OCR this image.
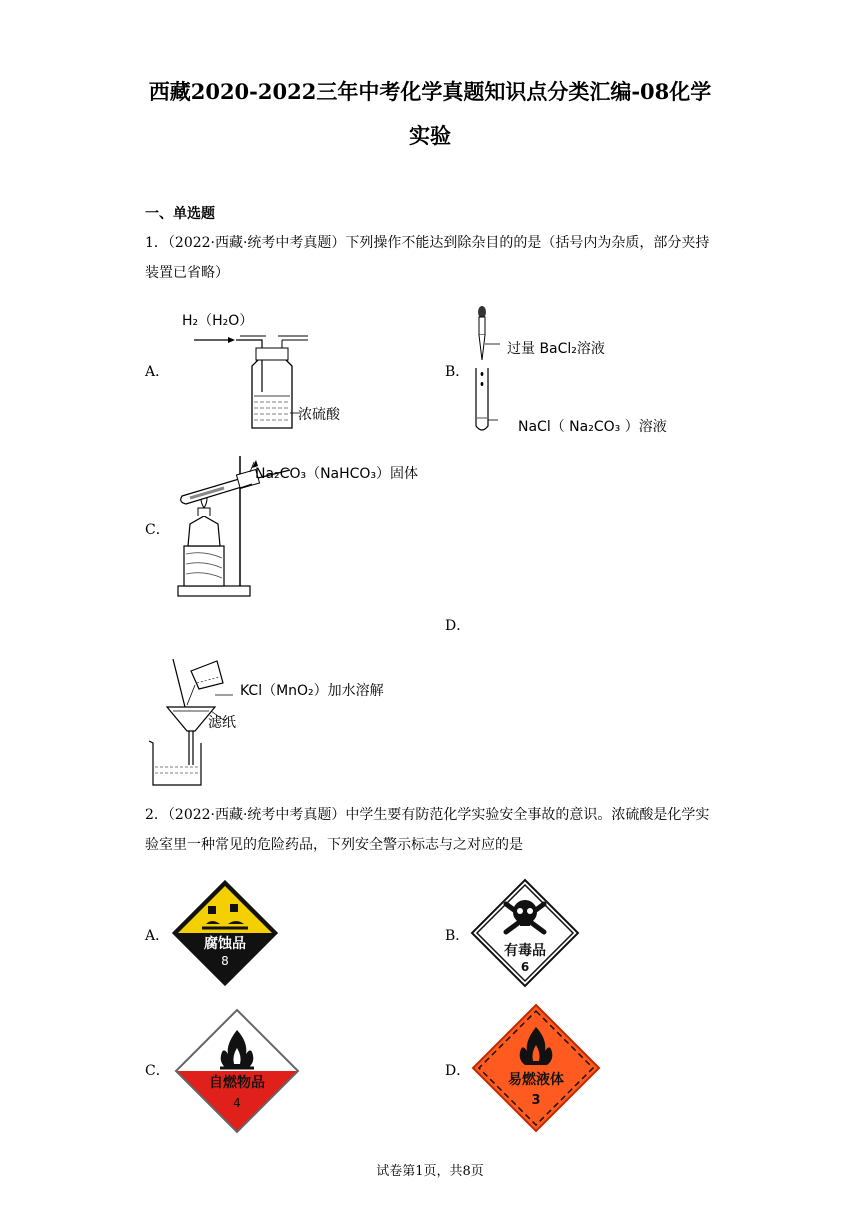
西藏2020-2022三年中考化学真题知识点分类汇编-08化学
实验
一、单选题
1．（2022·西藏·统考中考真题）下列操作不能达到除杂目的的是（括号内为杂质，部分夹持装置已省略）
A．	B．
C．
D．
H₂（H₂O）
浓硫酸
过量 BaCl₂溶液
NaCl（ Na₂CO₃ ）溶液
Na₂CO₃（NaHCO₃）固体
KCl（MnO₂）加水溶解
滤纸
2．（2022·西藏·统考中考真题）中学生要有防范化学实验安全事故的意识。浓硫酸是化学实验室里一种常见的危险药品，下列安全警示标志与之对应的是
A．	B．
C．	D．
腐蚀品
8
有毒品
6
自燃物品
4
易燃液体
3
试卷第1页，共8页
